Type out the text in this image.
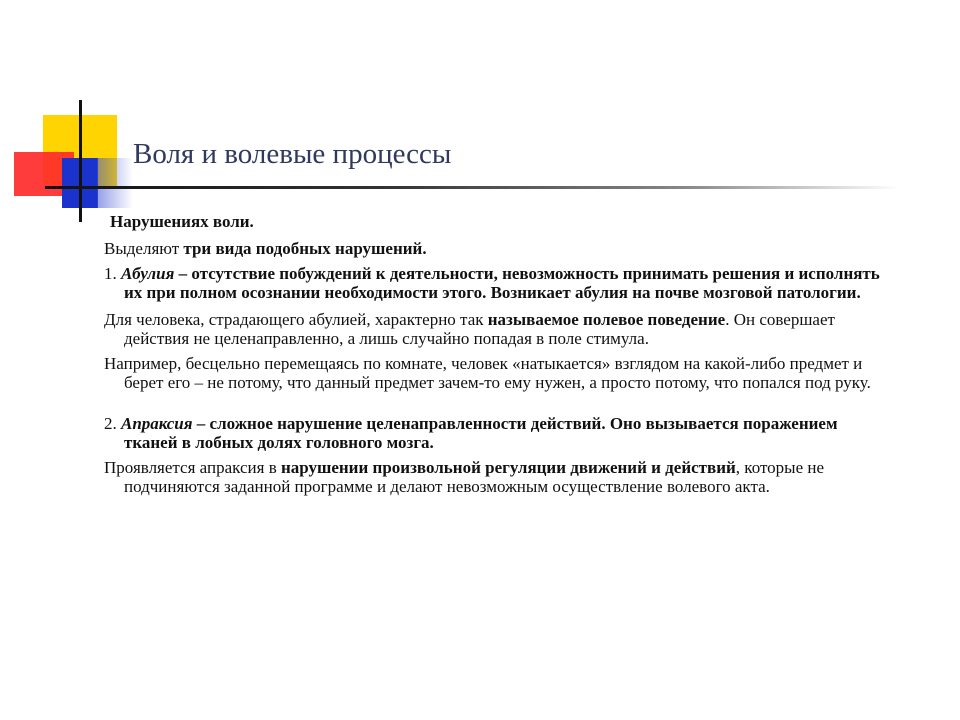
Воля и волевые процессы

Нарушениях воли.

Выделяют три вида подобных нарушений.

1. Абулия – отсутствие побуждений к деятельности, невозможность принимать решения и исполнять их при полном осознании необходимости этого. Возникает абулия на почве мозговой патологии.

Для человека, страдающего абулией, характерно так называемое полевое поведение. Он совершает действия не целенаправленно, а лишь случайно попадая в поле стимула.

Например, бесцельно перемещаясь по комнате, человек «натыкается» взглядом на какой-либо предмет и берет его – не потому, что данный предмет зачем-то ему нужен, а просто потому, что попался под руку.

2. Апраксия – сложное нарушение целенаправленности действий. Оно вызывается поражением тканей в лобных долях головного мозга.

Проявляется апраксия в нарушении произвольной регуляции движений и действий, которые не подчиняются заданной программе и делают невозможным осуществление волевого акта.
